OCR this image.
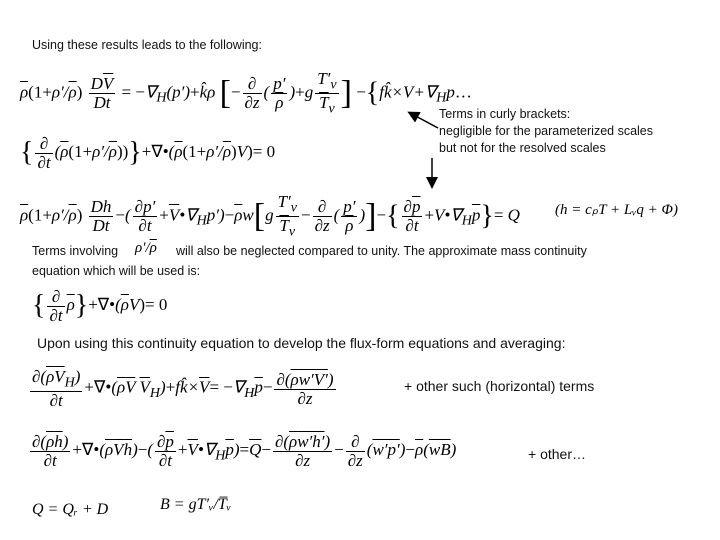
Using these results leads to the following:
$\overline{\rho}(1+\rho'/\overline{\rho}) \frac{D\overline{V}}{Dt}$ = $-\nabla_H(p')+k̂\rho$ [− $\frac{\partial}{\partial z}$ ( $\frac{p'}{\rho} )+g \frac{T'_v}{\overline{T}_v}$ ] $-\{fk̂\times V+\nabla_Hp\dots$
{ $\frac{\partial}{\partial t}$ $(\overline{\rho}(1+\rho'/\overline{\rho}))\}+\nabla•(\overline{\rho}(1+\rho'/\overline{\rho})V)= 0$
Terms in curly brackets:
negligible for the parameterized scales
but not for the resolved scales
$\overline{\rho}(1+\rho'/\overline{\rho}) \frac{Dh}{Dt}$ −( $\frac{\partial p'}{\partial t}$ $+\overline{V}•\nabla_Hp')-\overline{\rho}w[g \frac{T'_v}{\overline{T}_v} - \frac{\partial}{\partial z}$ ( $\frac{p'}{\rho}$ )]−{ $\frac{\partial\overline{p}}{\partial t}$ $+V•\nabla_H\overline{p}\}= Q$ (h = cₚT + Lᵥq + Φ)
Terms involving $\rho'/\overline{\rho}$ will also be neglected compared to unity. The approximate mass continuity
equation which will be used is:
{ $\frac{\partial}{\partial t}$ $\overline{\rho}\}+\nabla•(\overline{\rho}V)= 0$
Upon using this continuity equation to develop the flux-form equations and averaging:
$\frac{\partial(\overline{\rho}\overline{V}_H)}{\partial t}$ $+\nabla•(\overline{\rho}\overline{V}$ $\overline{V}_H)+fk̂\times\overline{V}= -\nabla_H\overline{p}- \frac{\partial(\overline{\rho}w'V')}{\partial z}$	+ other such (horizontal) terms
$\frac{\partial(\overline{\rho}\overline{h})}{\partial t}$ $+\nabla•(\overline{\rho}\overline{V}\overline{h})-( \frac{\partial\overline{p}}{\partial t}$ $+\overline{V}•\nabla_H\overline{p})=\overline{Q}- \frac{\partial(\overline{\rho}w'h')}{\partial z} - \frac{\partial}{\partial z} (w'p')-\overline{\rho}(\overline{wB})$	+ other…
Q = Qᵣ + D	B = gT′ᵥ/T̅ᵥ
